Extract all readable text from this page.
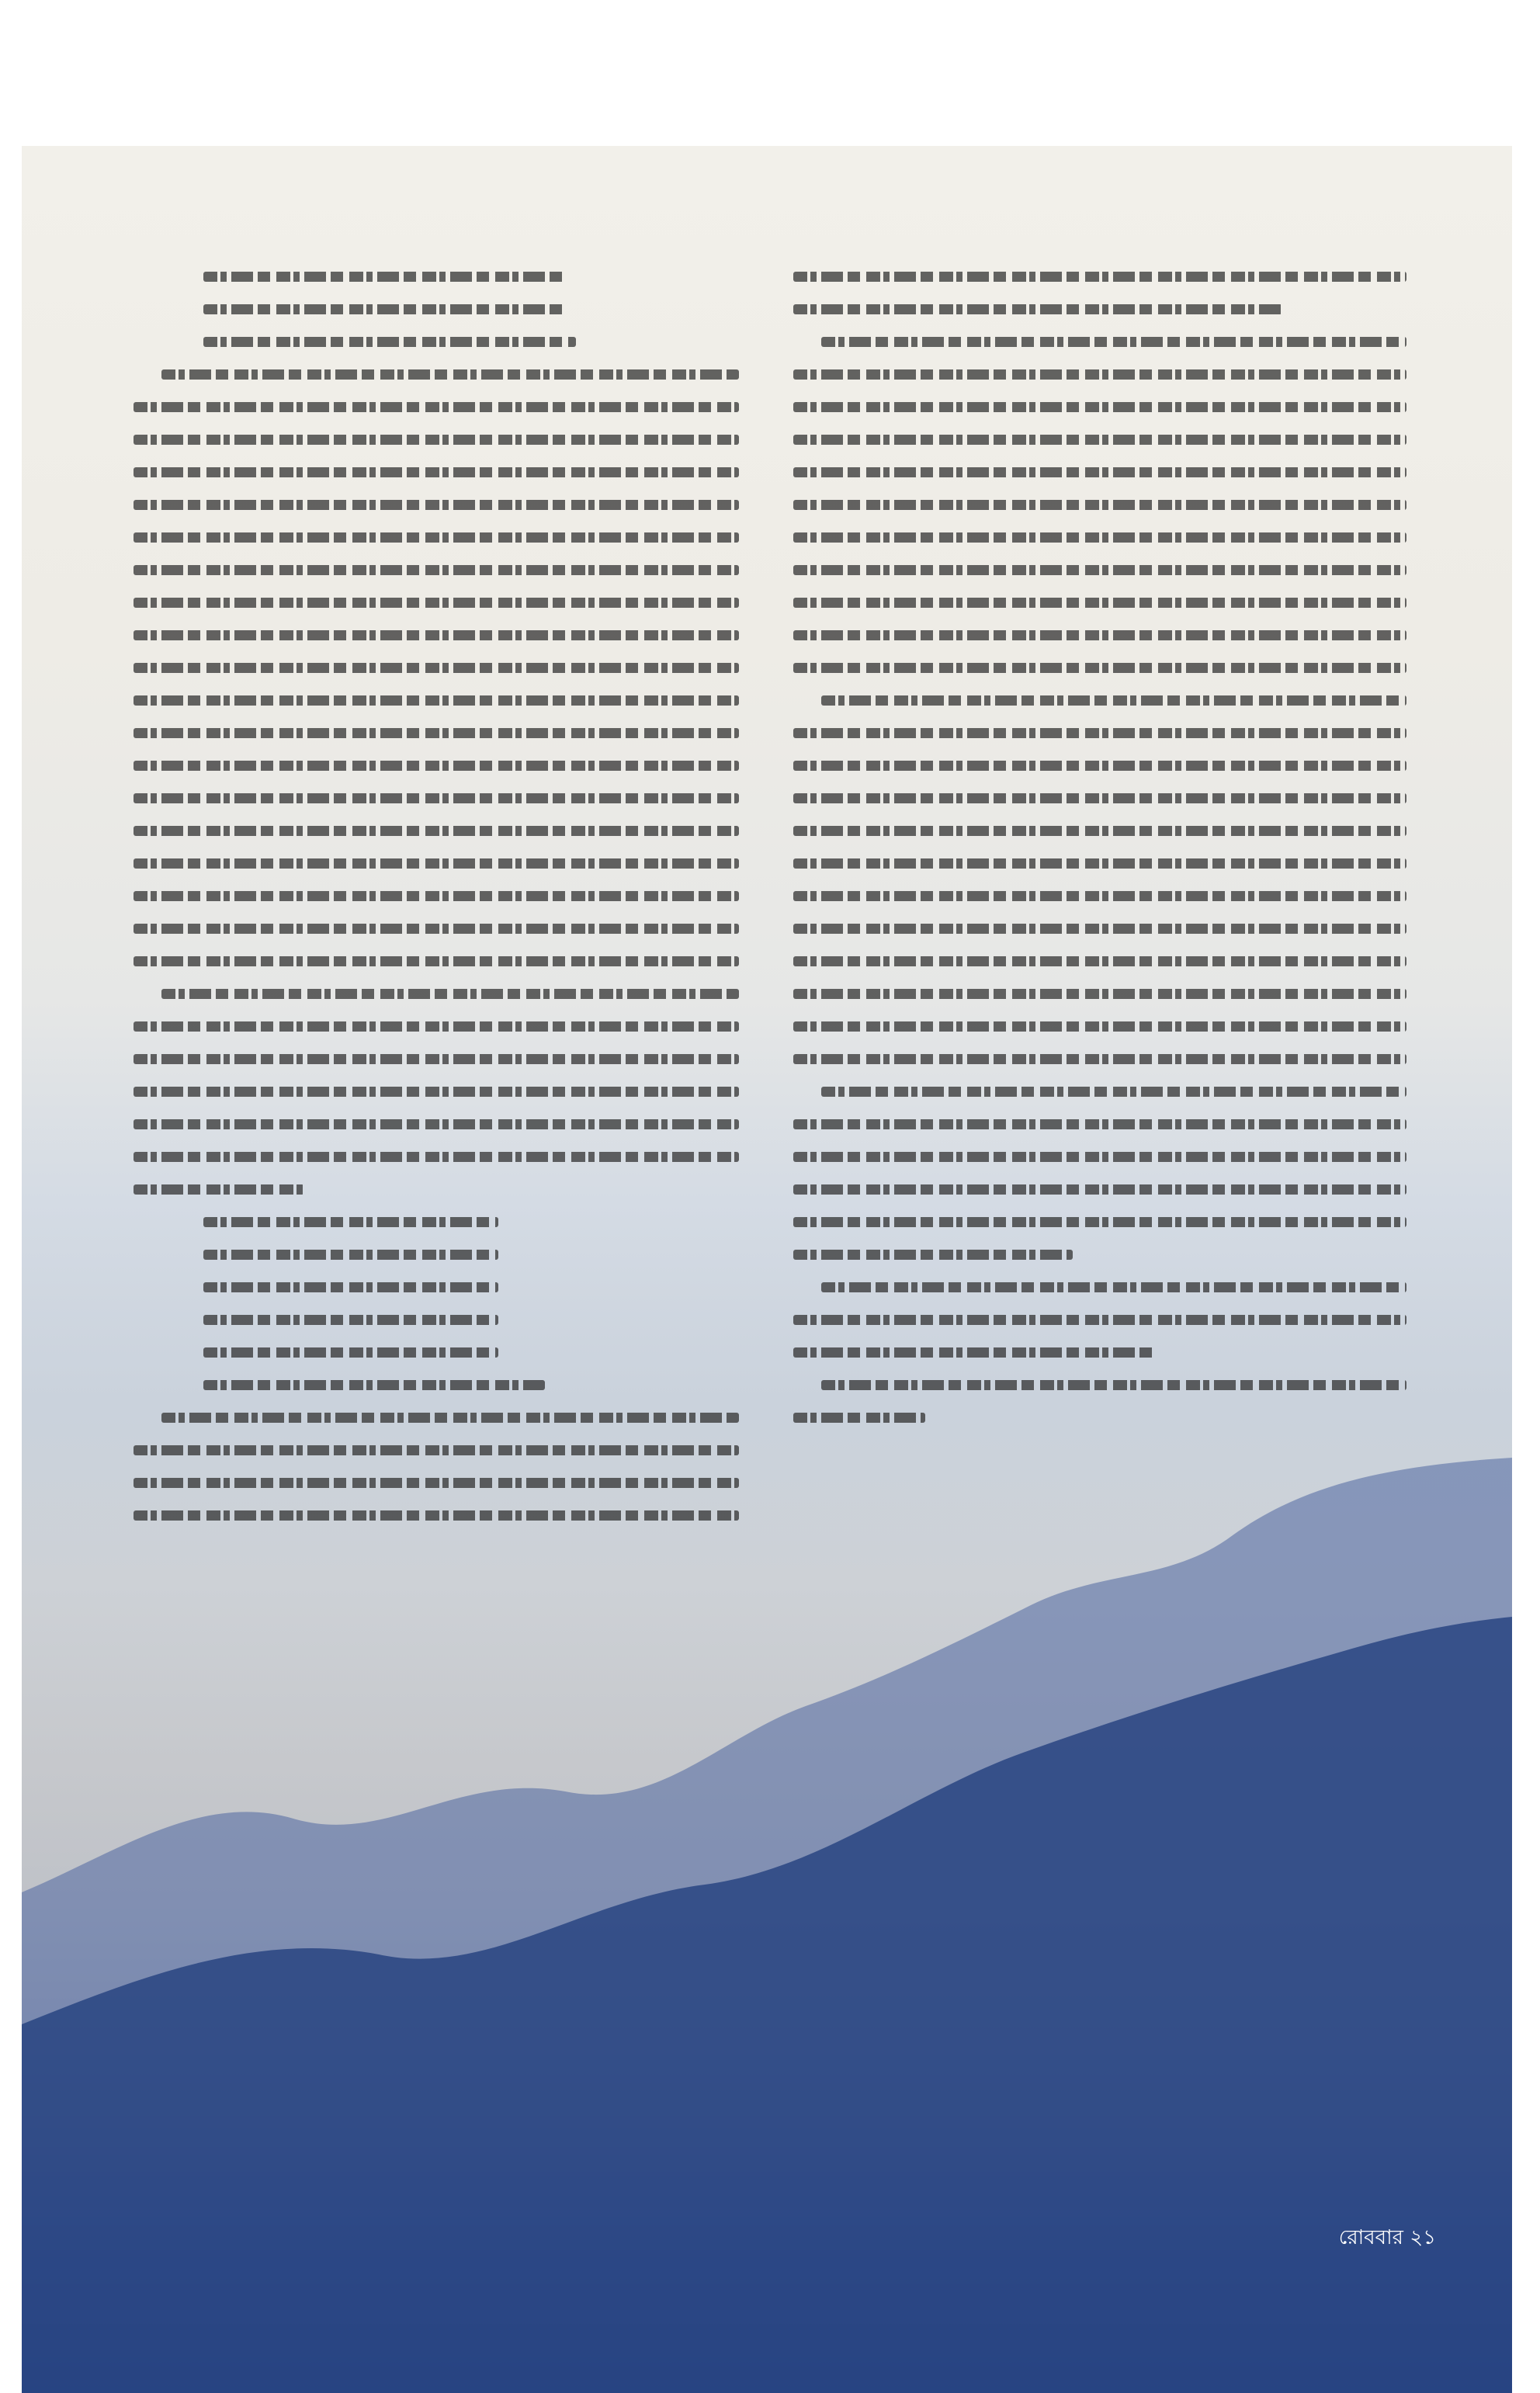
রোববার ২১
